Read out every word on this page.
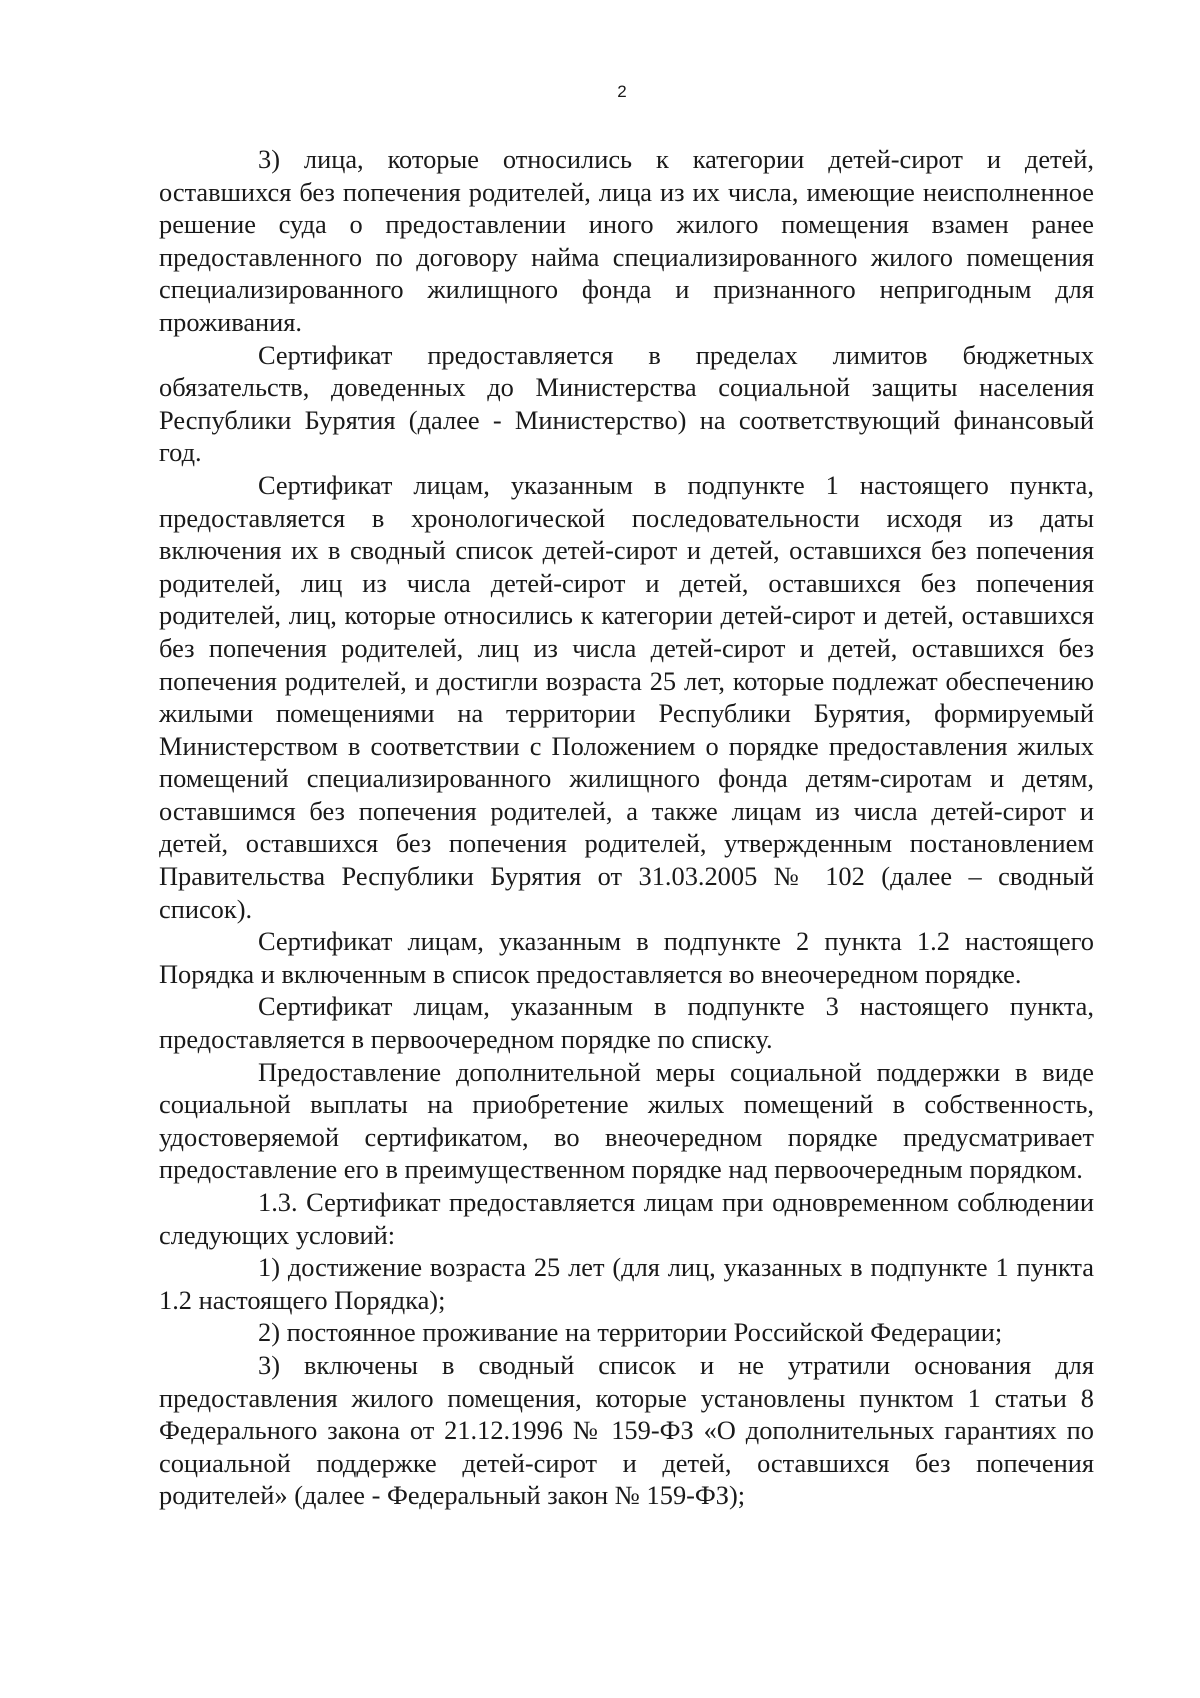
2

3) лица, которые относились к категории детей-сирот и детей, оставшихся без попечения родителей, лица из их числа, имеющие неисполненное решение суда о предоставлении иного жилого помещения взамен ранее предоставленного по договору найма специализированного жилого помещения специализированного жилищного фонда и признанного непригодным для проживания.

Сертификат предоставляется в пределах лимитов бюджетных обязательств, доведенных до Министерства социальной защиты населения Республики Бурятия (далее - Министерство) на соответствующий финансовый год.

Сертификат лицам, указанным в подпункте 1 настоящего пункта, предоставляется в хронологической последовательности исходя из даты включения их в сводный список детей-сирот и детей, оставшихся без попечения родителей, лиц из числа детей-сирот и детей, оставшихся без попечения родителей, лиц, которые относились к категории детей-сирот и детей, оставшихся без попечения родителей, лиц из числа детей-сирот и детей, оставшихся без попечения родителей, и достигли возраста 25 лет, которые подлежат обеспечению жилыми помещениями на территории Республики Бурятия, формируемый Министерством в соответствии с Положением о порядке предоставления жилых помещений специализированного жилищного фонда детям-сиротам и детям, оставшимся без попечения родителей, а также лицам из числа детей-сирот и детей, оставшихся без попечения родителей, утвержденным постановлением Правительства Республики Бурятия от 31.03.2005 № 102 (далее – сводный список).

Сертификат лицам, указанным в подпункте 2 пункта 1.2 настоящего Порядка и включенным в список предоставляется во внеочередном порядке.

Сертификат лицам, указанным в подпункте 3 настоящего пункта, предоставляется в первоочередном порядке по списку.

Предоставление дополнительной меры социальной поддержки в виде социальной выплаты на приобретение жилых помещений в собственность, удостоверяемой сертификатом, во внеочередном порядке предусматривает предоставление его в преимущественном порядке над первоочередным порядком.

1.3. Сертификат предоставляется лицам при одновременном соблюдении следующих условий:

1) достижение возраста 25 лет (для лиц, указанных в подпункте 1 пункта 1.2 настоящего Порядка);

2) постоянное проживание на территории Российской Федерации;

3) включены в сводный список и не утратили основания для предоставления жилого помещения, которые установлены пунктом 1 статьи 8 Федерального закона от 21.12.1996 № 159-ФЗ «О дополнительных гарантиях по социальной поддержке детей-сирот и детей, оставшихся без попечения родителей» (далее - Федеральный закон № 159-ФЗ);
